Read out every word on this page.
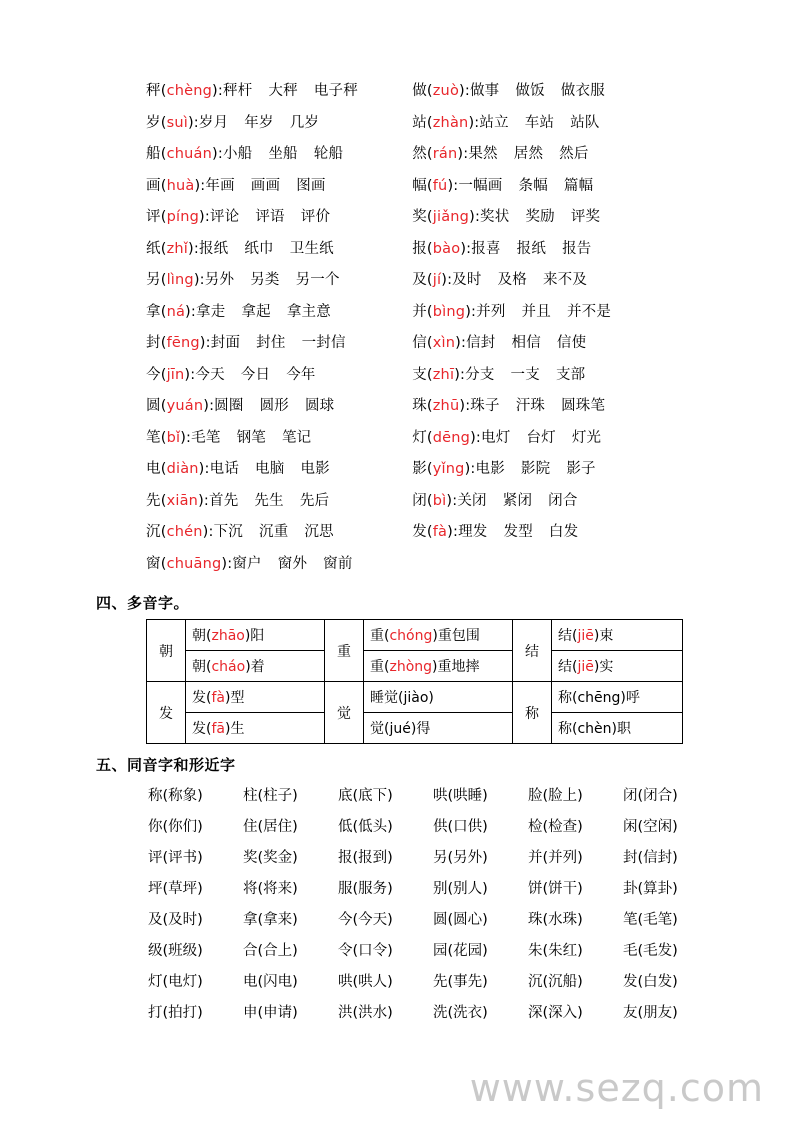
秤(chèng):秤杆 大秤 电子秤	做(zuò):做事 做饭 做衣服
岁(suì):岁月 年岁 几岁	站(zhàn):站立 车站 站队
船(chuán):小船 坐船 轮船	然(rán):果然 居然 然后
画(huà):年画 画画 图画	幅(fú):一幅画 条幅 篇幅
评(píng):评论 评语 评价	奖(jiǎng):奖状 奖励 评奖
纸(zhǐ):报纸 纸巾 卫生纸	报(bào):报喜 报纸 报告
另(lìng):另外 另类 另一个	及(jí):及时 及格 来不及
拿(ná):拿走 拿起 拿主意	并(bìng):并列 并且 并不是
封(fēng):封面 封住 一封信	信(xìn):信封 相信 信使
今(jīn):今天 今日 今年	支(zhī):分支 一支 支部
圆(yuán):圆圈 圆形 圆球	珠(zhū):珠子 汗珠 圆珠笔
笔(bǐ):毛笔 钢笔 笔记	灯(dēng):电灯 台灯 灯光
电(diàn):电话 电脑 电影	影(yǐng):电影 影院 影子
先(xiān):首先 先生 先后	闭(bì):关闭 紧闭 闭合
沉(chén):下沉 沉重 沉思	发(fà):理发 发型 白发
窗(chuāng):窗户 窗外 窗前	
四、多音字。
朝	朝(zhāo)阳	重	重(chóng)重包围	结	结(jiē)束
	朝(cháo)着		重(zhòng)重地摔		结(jiē)实
发	发(fà)型	觉	睡觉(jiào)	称	称(chēng)呼
	发(fā)生		觉(jué)得		称(chèn)职
五、同音字和形近字
称(称象)	柱(柱子)	底(底下)	哄(哄睡)	脸(脸上)	闭(闭合)
你(你们)	住(居住)	低(低头)	供(口供)	检(检查)	闲(空闲)
评(评书)	奖(奖金)	报(报到)	另(另外)	并(并列)	封(信封)
坪(草坪)	将(将来)	服(服务)	别(别人)	饼(饼干)	卦(算卦)
及(及时)	拿(拿来)	今(今天)	圆(圆心)	珠(水珠)	笔(毛笔)
级(班级)	合(合上)	令(口令)	园(花园)	朱(朱红)	毛(毛发)
灯(电灯)	电(闪电)	哄(哄人)	先(事先)	沉(沉船)	发(白发)
打(拍打)	申(申请)	洪(洪水)	洗(洗衣)	深(深入)	友(朋友)
www.sezq.com
